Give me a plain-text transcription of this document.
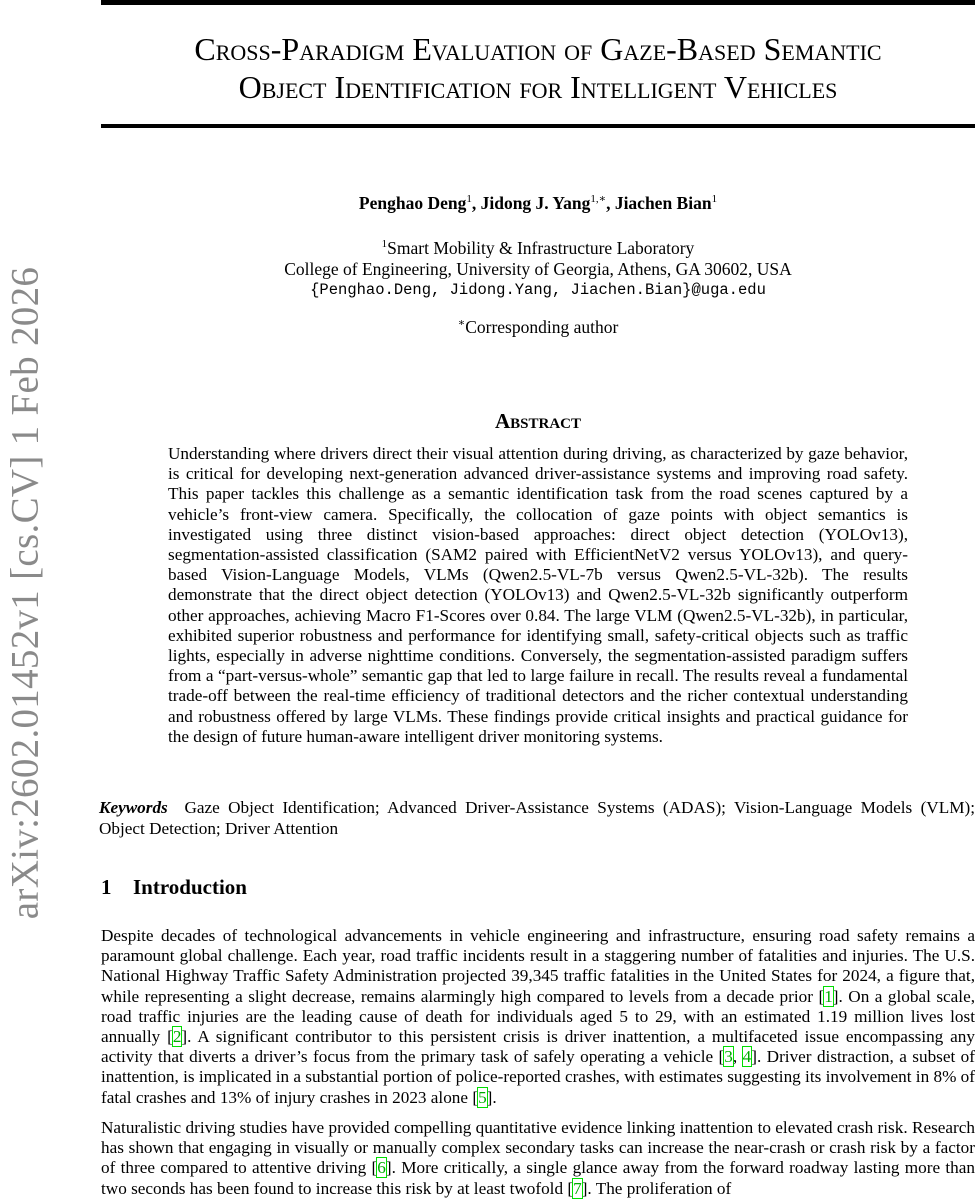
arXiv:2602.01452v1 [cs.CV] 1 Feb 2026
Cross-Paradigm Evaluation of Gaze-Based Semantic
Object Identification for Intelligent Vehicles
Penghao Deng$^1$, Jidong J. Yang$^{1,∗}$, Jiachen Bian$^1$
$^1$Smart Mobility & Infrastructure Laboratory
College of Engineering, University of Georgia, Athens, GA 30602, USA
{Penghao.Deng, Jidong.Yang, Jiachen.Bian}@uga.edu
∗Corresponding author
Abstract

Understanding where drivers direct their visual attention during driving, as characterized by gaze behavior, is critical for developing next-generation advanced driver-assistance systems and improving road safety. This paper tackles this challenge as a semantic identification task from the road scenes captured by a vehicle’s front-view camera. Specifically, the collocation of gaze points with object semantics is investigated using three distinct vision-based approaches: direct object detection (YOLOv13), segmentation-assisted classification (SAM2 paired with EfficientNetV2 versus YOLOv13), and query-based Vision-Language Models, VLMs (Qwen2.5-VL-7b versus Qwen2.5-VL-32b). The results demonstrate that the direct object detection (YOLOv13) and Qwen2.5-VL-32b significantly outperform other approaches, achieving Macro F1-Scores over 0.84. The large VLM (Qwen2.5-VL-32b), in particular, exhibited superior robustness and performance for identifying small, safety-critical objects such as traffic lights, especially in adverse nighttime conditions. Conversely, the segmentation-assisted paradigm suffers from a “part-versus-whole” semantic gap that led to large failure in recall. The results reveal a fundamental trade-off between the real-time efficiency of traditional detectors and the richer contextual understanding and robustness offered by large VLMs. These findings provide critical insights and practical guidance for the design of future human-aware intelligent driver monitoring systems.

Keywords Gaze Object Identification; Advanced Driver-Assistance Systems (ADAS); Vision-Language Models (VLM); Object Detection; Driver Attention

1 Introduction

Despite decades of technological advancements in vehicle engineering and infrastructure, ensuring road safety remains a paramount global challenge. Each year, road traffic incidents result in a staggering number of fatalities and injuries. The U.S. National Highway Traffic Safety Administration projected 39,345 traffic fatalities in the United States for 2024, a figure that, while representing a slight decrease, remains alarmingly high compared to levels from a decade prior [1]. On a global scale, road traffic injuries are the leading cause of death for individuals aged 5 to 29, with an estimated 1.19 million lives lost annually [2]. A significant contributor to this persistent crisis is driver inattention, a multifaceted issue encompassing any activity that diverts a driver’s focus from the primary task of safely operating a vehicle [3, 4]. Driver distraction, a subset of inattention, is implicated in a substantial portion of police-reported crashes, with estimates suggesting its involvement in 8% of fatal crashes and 13% of injury crashes in 2023 alone [5].

Naturalistic driving studies have provided compelling quantitative evidence linking inattention to elevated crash risk. Research has shown that engaging in visually or manually complex secondary tasks can increase the near-crash or crash risk by a factor of three compared to attentive driving [6]. More critically, a single glance away from the forward roadway lasting more than two seconds has been found to increase this risk by at least twofold [7]. The proliferation of
